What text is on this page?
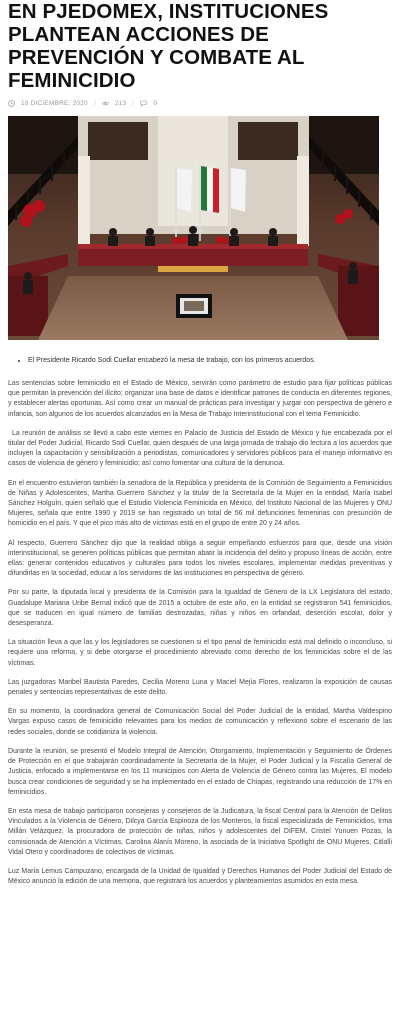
EN PJEDOMEX, INSTITUCIONES PLANTEAN ACCIONES DE PREVENCIÓN Y COMBATE AL FEMINICIDIO
18 DICIEMBRE, 2020 /	213 /	0
• El Presidente Ricardo Sodi Cuellar encabezó la mesa de trabajo, con los primeros acuerdos.

Las sentencias sobre feminicidio en el Estado de México, servirán como parámetro de estudio para fijar políticas públicas que permitan la prevención del ilícito; organizar una base de datos e identificar patrones de conducta en diferentes regiones, y establecer alertas oportunas. Así como crear un manual de prácticas para investigar y juzgar con perspectiva de género e infancia, son algunos de los acuerdos alcanzados en la Mesa de Trabajo Interinstitucional con el tema Feminicidio.

La reunión de análisis se llevó a cabo este viernes en Palacio de Justicia del Estado de México y fue encabezada por el titular del Poder Judicial, Ricardo Sodi Cuellar, quien después de una larga jornada de trabajo dio lectura a los acuerdos que incluyen la capacitación y sensibilización a periodistas, comunicadores y servidores públicos para el manejo informativo en casos de violencia de género y feminicidio; así como fomentar una cultura de la denuncia.

En el encuentro estuvieron también la senadora de la República y presidenta de la Comisión de Seguimiento a Feminicidios de Niñas y Adolescentes, Martha Guerrero Sánchez y la titular de la Secretaría de la Mujer en la entidad, María Isabel Sánchez Holguín, quien señaló que el Estudio Violencia Feminicida en México, del Instituto Nacional de las Mujeres y ONU Mujeres, señala que entre 1990 y 2019 se han registrado un total de 56 mil defunciones femeninas con presunción de homicidio en el país. Y que el pico más alto de víctimas está en el grupo de entre 20 y 24 años.

Al respecto, Guerrero Sánchez dijo que la realidad obliga a seguir empeñando esfuerzos para que, desde una visión interinstitucional, se generen políticas públicas que permitan abatir la incidencia del delito y propuso líneas de acción, entre ellas: generar contenidos educativos y culturales para todos los niveles escolares, implementar medidas preventivas y difundirlas en la sociedad, educar a los servidores de las instituciones en perspectiva de género.

Por su parte, la diputada local y presidenta de la Comisión para la Igualdad de Género de la LX Legislatura del estado, Guadalupe Mariana Uribe Bernal indicó que de 2015 a octubre de este año, en la entidad se registraron 541 feminicidios, que se traducen en igual número de familias destrozadas, niñas y niños en orfandad, deserción escolar, dolor y desesperanza.

La situación lleva a que las y los legisladores se cuestionen si el tipo penal de feminicidio está mal definido o inconcluso, si requiere una reforma, y si debe otorgarse el procedimiento abreviado como derecho de los feminicidas sobre el de las víctimas.

Las juzgadoras Maribel Bautista Paredes, Cecilia Moreno Luna y Maciel Mejía Flores, realizaron la exposición de causas penales y sentencias representativas de este delito.

En su momento, la coordinadora general de Comunicación Social del Poder Judicial de la entidad, Martha Valdespino Vargas expuso casos de feminicidio relevantes para los medios de comunicación y reflexionó sobre el escenario de las redes sociales, donde se cotidianiza la violencia.

Durante la reunión, se presentó el Modelo Integral de Atención, Otorgamiento, Implementación y Seguimiento de Órdenes de Protección en el que trabajarán coordinadamente la Secretaría de la Mujer, el Poder Judicial y la Fiscalía General de Justicia, enfocado a implementarse en los 11 municipios con Alerta de Violencia de Género contra las Mujeres. El modelo busca crear condiciones de seguridad y se ha implementado en el estado de Chiapas, registrando una reducción de 17% en feminicidios.

En esta mesa de trabajo participaron consejeras y consejeros de la Judicatura, la fiscal Central para la Atención de Delitos Vinculados a la Violencia de Género, Dilcya García Espinoza de los Monteros, la fiscal especializada de Feminicidios, Irma Millán Velázquez, la procuradora de protección de niñas, niños y adolescentes del DIFEM, Cristel Yunuen Pozas, la comisionada de Atención a Víctimas, Carolina Alanís Moreno, la asociada de la Iniciativa Spotlight de ONU Mujeres, Citlalli Vidal Otero y coordinadores de colectivos de víctimas.

Luz María Lemus Campuzano, encargada de la Unidad de Igualdad y Derechos Humanos del Poder Judicial del Estado de México anunció la edición de una memoria, que registrará los acuerdos y planteamientos asumidos en esta mesa.
